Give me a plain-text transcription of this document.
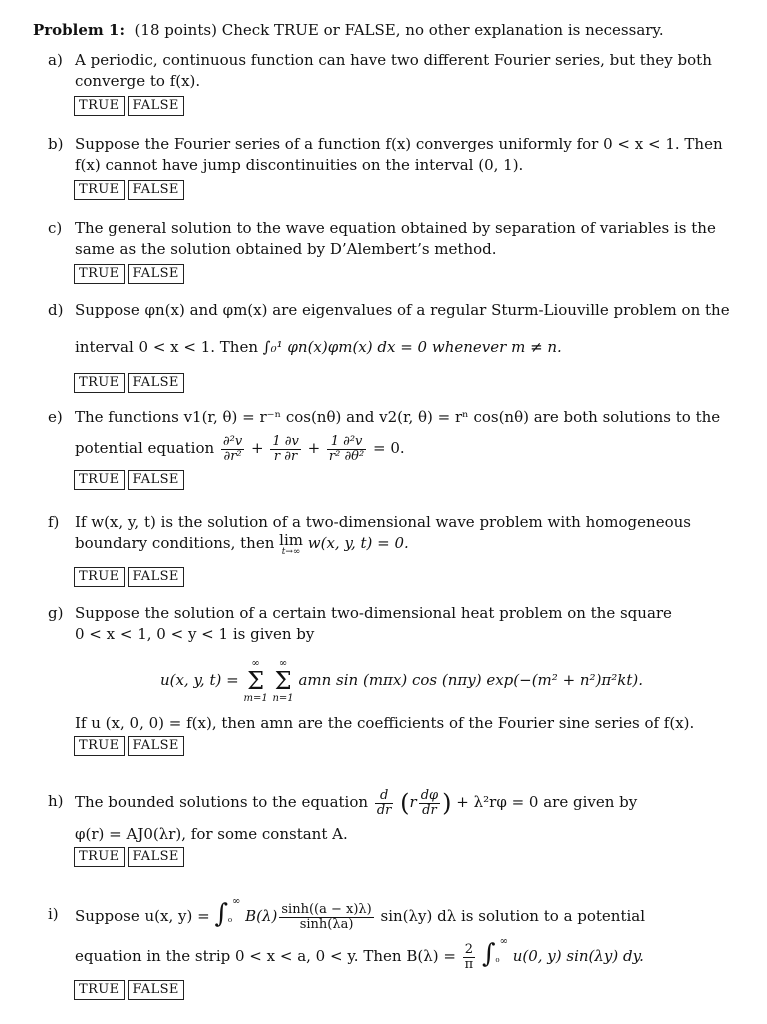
Problem 1: (18 points) Check TRUE or FALSE, no other explanation is necessary.
a) A periodic, continuous function can have two different Fourier series, but they both
converge to f(x).
TRUE	FALSE
b) Suppose the Fourier series of a function f(x) converges uniformly for 0 < x < 1. Then
f(x) cannot have jump discontinuities on the interval (0, 1).
TRUE	FALSE
c) The general solution to the wave equation obtained by separation of variables is the
same as the solution obtained by D’Alembert’s method.
TRUE	FALSE
d) Suppose φn(x) and φm(x) are eigenvalues of a regular Sturm-Liouville problem on the
interval 0 < x < 1. Then ∫₀¹ φn(x)φm(x) dx = 0 whenever m ≠ n.
TRUE	FALSE
e) The functions v1(r, θ) = r⁻ⁿ cos(nθ) and v2(r, θ) = rⁿ cos(nθ) are both solutions to the
potential equation $\frac{\text{∂²v}}{\text{∂r²}} + \frac{1 \partial v}{r \partial r} + \frac{\text{1 ∂²v}}{\text{r² ∂θ²}} = 0$.
TRUE	FALSE
f)	If w(x, y, t) is the solution of a two-dimensional wave problem with homogeneous
boundary conditions, then lim
t→∞ w(x, y, t) = 0.
TRUE	FALSE
g) Suppose the solution of a certain two-dimensional heat problem on the square
0 < x < 1, 0 < y < 1 is given by
u(x, y, t) =
∞
Σ
m=1

∞
Σ
n=1
amn sin (mπx) cos (nπy) exp(−(m² + n²)π²kt).
If u (x, 0, 0) = f(x), then amn are the coefficients of the Fourier sine series of f(x).
TRUE	FALSE
h) The bounded solutions to the equation $\frac{d}{dr} (r \frac{d\varphi}{dr}$ ) + λ²rφ = 0 are given by
φ(r) = AJ0(λr), for some constant A.
TRUE	FALSE
i)	Suppose u(x, y) = ∫₀∞ $B(\lambda) \frac{\sinh((a - x)\lambda)}{\sinh(\lambda a)} \sin(\lambda y)$ dλ is solution to a potential
equation in the strip 0 < x < a, 0 < y. Then $B(\lambda) = \frac{2}{\pi} \int_0^\infty$ u(0, y) sin(λy) dy.
TRUE	FALSE
